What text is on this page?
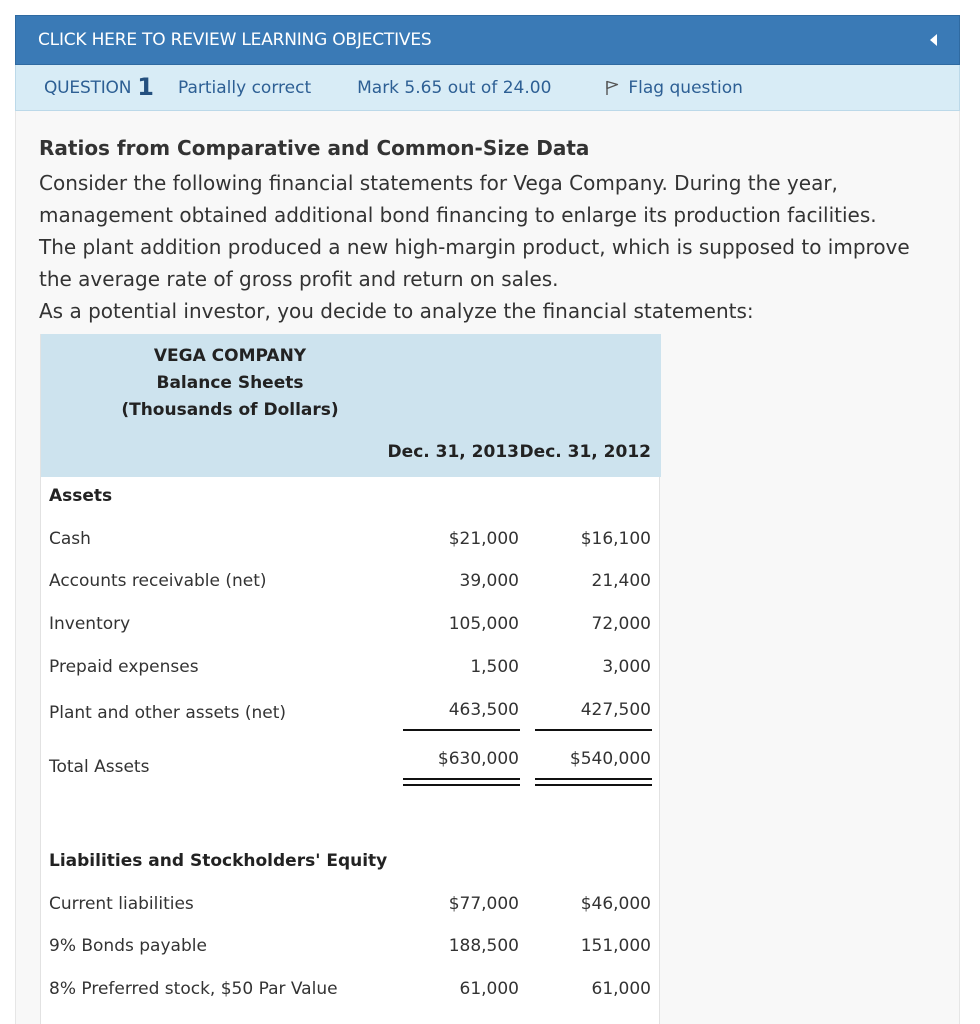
CLICK HERE TO REVIEW LEARNING OBJECTIVES
QUESTION 1 Partially correct	Mark 5.65 out of 24.00	Flag question
Ratios from Comparative and Common-Size Data

Consider the following financial statements for Vega Company. During the year, management obtained additional bond financing to enlarge its production facilities. The plant addition produced a new high-margin product, which is supposed to improve the average rate of gross profit and return on sales.

As a potential investor, you decide to analyze the financial statements:

VEGA COMPANY
Balance Sheets
(Thousands of Dollars)
Dec. 31, 2013 Dec. 31, 2012
Assets
Cash	$21,000	$16,100
Accounts receivable (net)	39,000	21,400
Inventory	105,000	72,000
Prepaid expenses	1,500	3,000
Plant and other assets (net)	463,500	427,500
Total Assets	$630,000	$540,000
Liabilities and Stockholders' Equity
Current liabilities	$77,000	$46,000
9% Bonds payable	188,500	151,000
8% Preferred stock, $50 Par Value	61,000	61,000
